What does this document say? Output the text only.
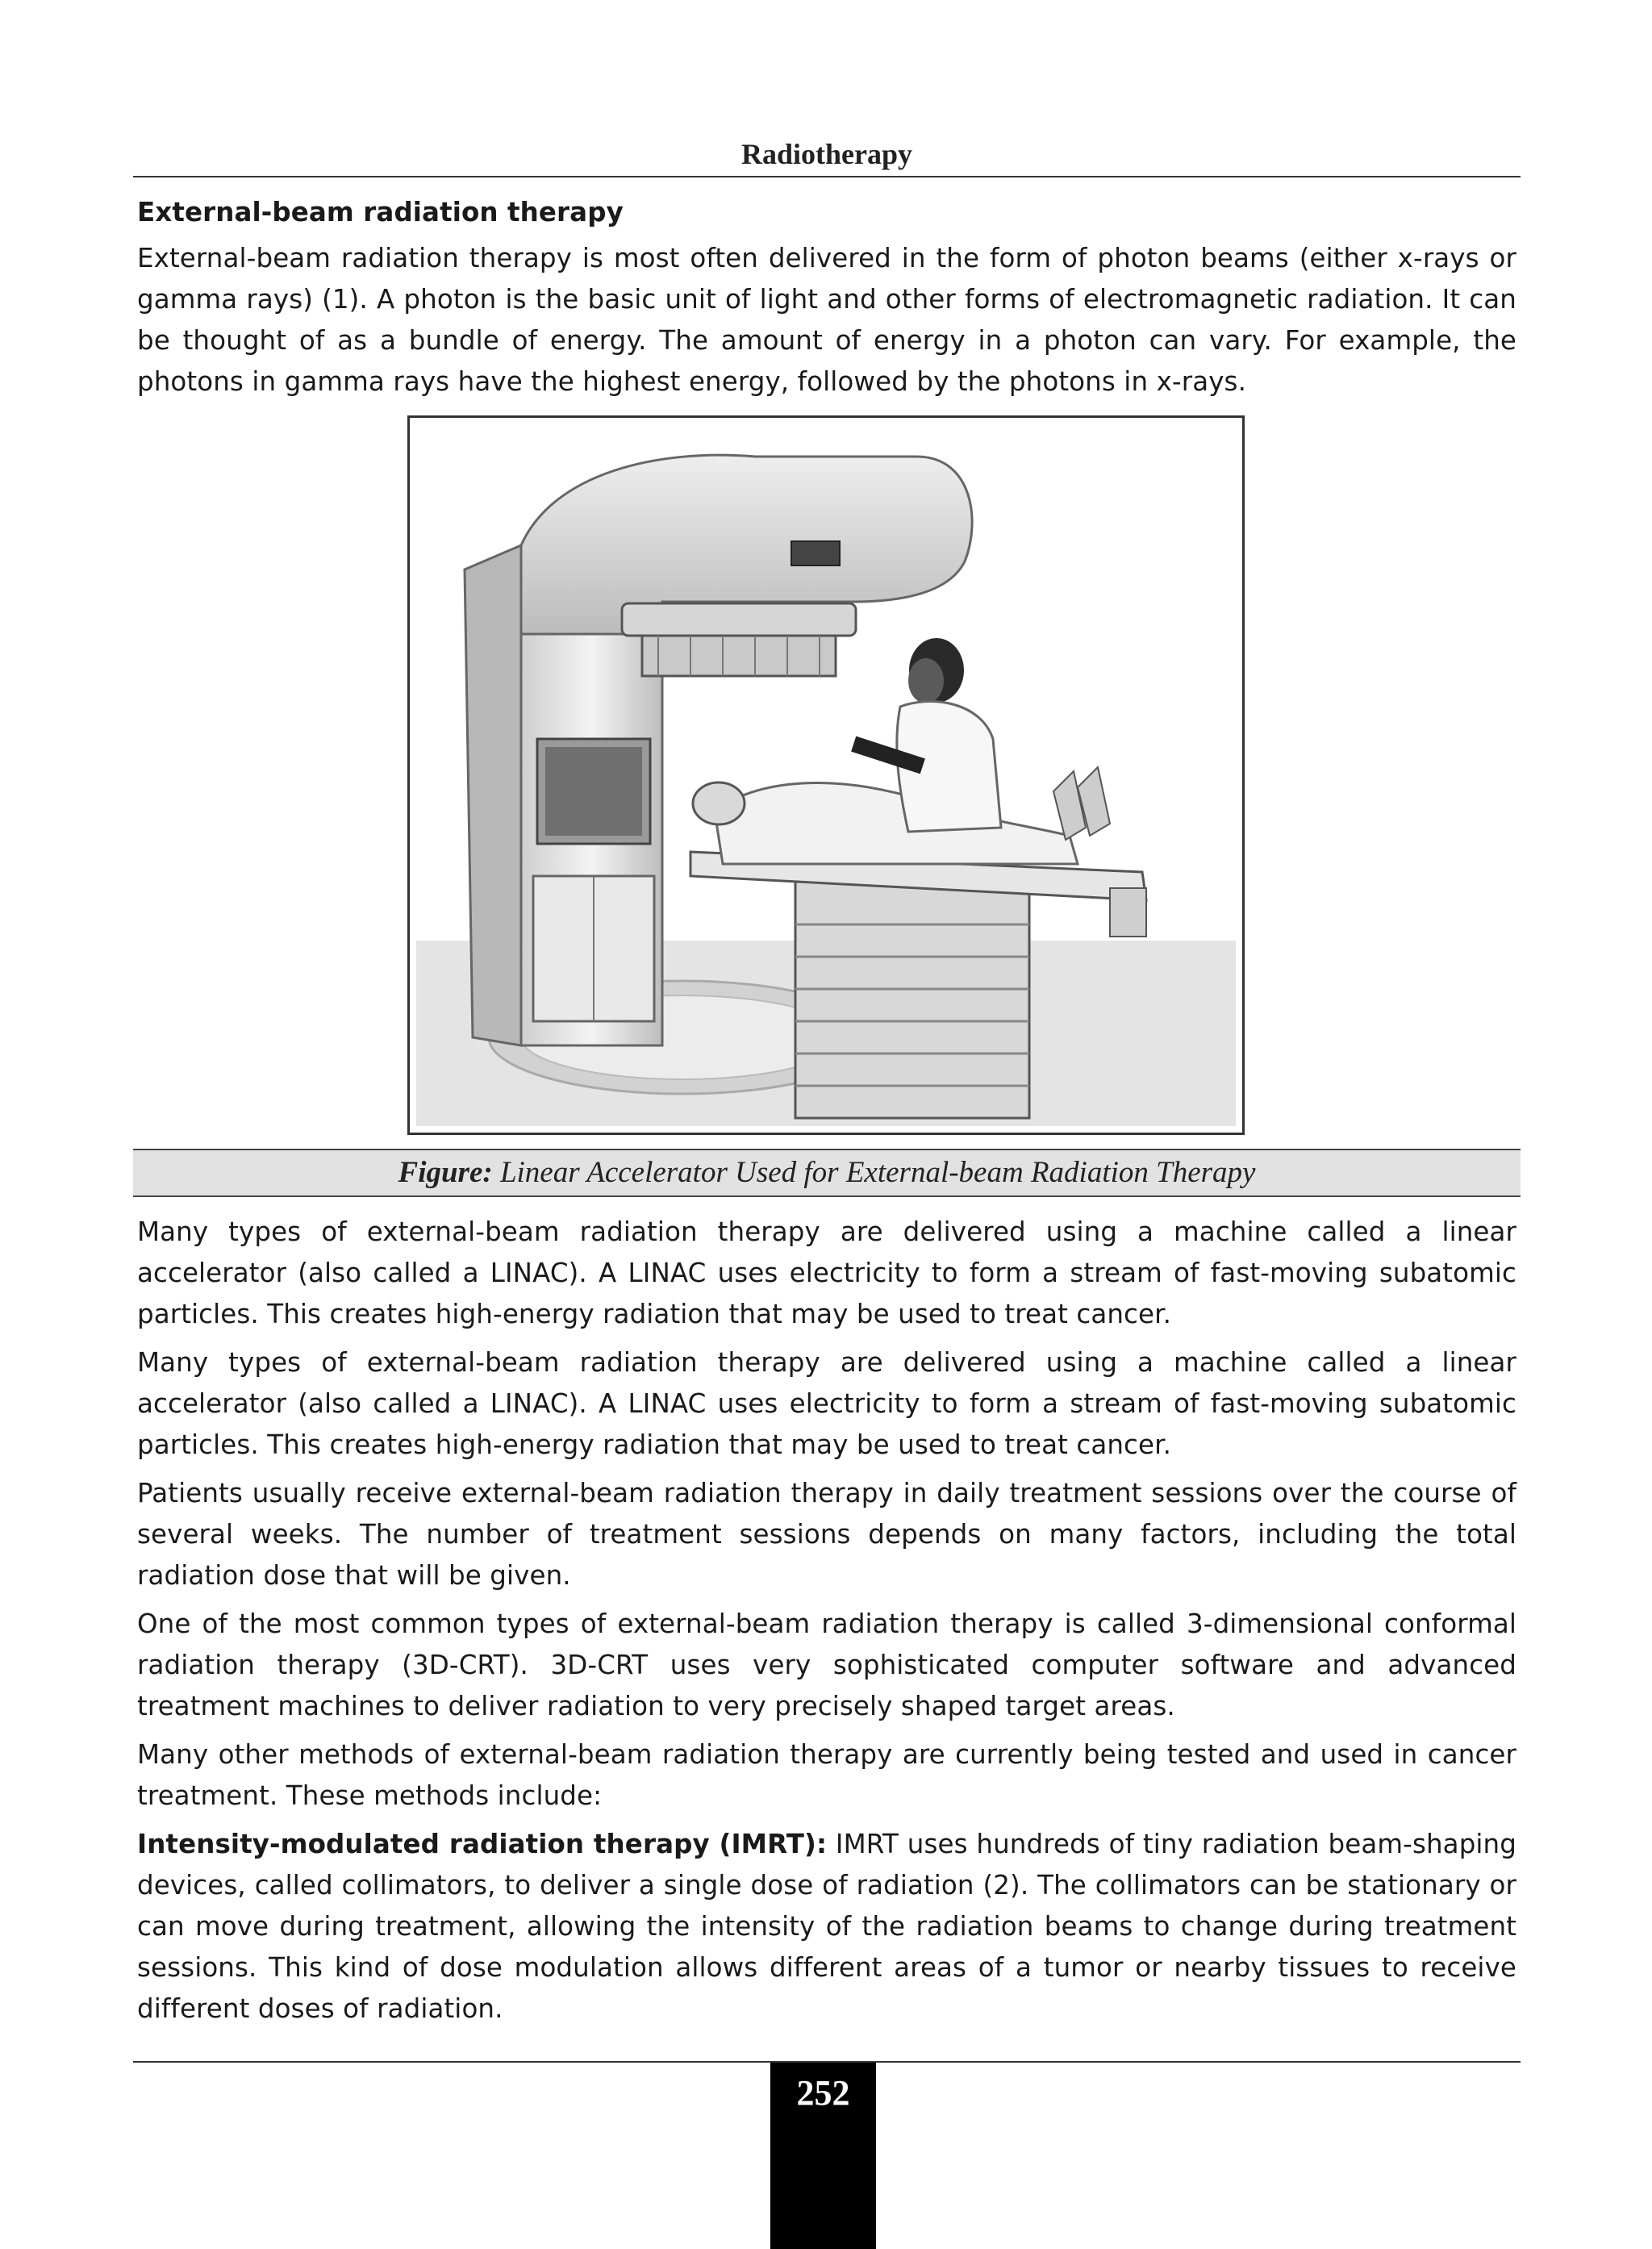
Radiotherapy
External-beam radiation therapy
External-beam radiation therapy is most often delivered in the form of photon beams (either x-rays or gamma rays) (1). A photon is the basic unit of light and other forms of electromagnetic radiation. It can be thought of as a bundle of energy. The amount of energy in a photon can vary. For example, the photons in gamma rays have the highest energy, followed by the photons in x-rays.
Figure: Linear Accelerator Used for External-beam Radiation Therapy
Many types of external-beam radiation therapy are delivered using a machine called a linear accelerator (also called a LINAC). A LINAC uses electricity to form a stream of fast-moving subatomic particles. This creates high-energy radiation that may be used to treat cancer.
Many types of external-beam radiation therapy are delivered using a machine called a linear accelerator (also called a LINAC). A LINAC uses electricity to form a stream of fast-moving subatomic particles. This creates high-energy radiation that may be used to treat cancer.
Patients usually receive external-beam radiation therapy in daily treatment sessions over the course of several weeks. The number of treatment sessions depends on many factors, including the total radiation dose that will be given.
One of the most common types of external-beam radiation therapy is called 3-dimensional conformal radiation therapy (3D-CRT). 3D-CRT uses very sophisticated computer software and advanced treatment machines to deliver radiation to very precisely shaped target areas.
Many other methods of external-beam radiation therapy are currently being tested and used in cancer treatment. These methods include:
Intensity-modulated radiation therapy (IMRT): IMRT uses hundreds of tiny radiation beam-shaping devices, called collimators, to deliver a single dose of radiation (2). The collimators can be stationary or can move during treatment, allowing the intensity of the radiation beams to change during treatment sessions. This kind of dose modulation allows different areas of a tumor or nearby tissues to receive different doses of radiation.
252
